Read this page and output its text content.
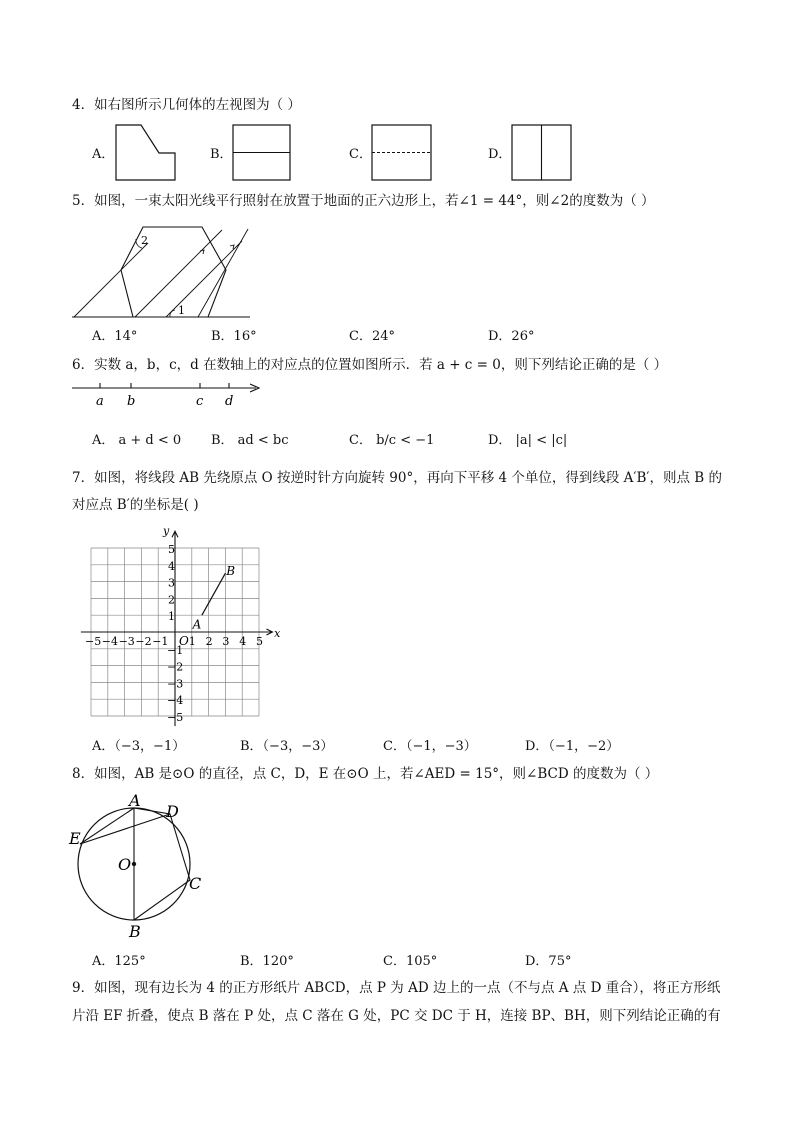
4．如右图所示几何体的左视图为（ ）
A．	B．	C．	D．
5．如图，一束太阳光线平行照射在放置于地面的正六边形上，若∠1 = 44°，则∠2的度数为（ ）
1
2
A．14°	B．16°	C．24°	D．26°
6．实数 a，b，c，d 在数轴上的对应点的位置如图所示．若 a + c = 0，则下列结论正确的是（ ）
a b	c d
A． a + d < 0 B． ad < bc	C． b/c < −1	D． |a| < |c|
7．如图，将线段 AB 先绕原点 O 按逆时针方向旋转 90°，再向下平移 4 个单位，得到线段 A′B′，则点 B 的
对应点 B′的坐标是( )
−5 −4 −3 −2 −1 1 2 3 4 5
5
4
3
2
1
−1
−2
−3
−4
−5
x
y
O
A
B
A．（−3，−1）	B．（−3，−3）	C．（−1，−3）	D．（−1，−2）
8．如图，AB 是⊙O 的直径，点 C，D，E 在⊙O 上，若∠AED = 15°，则∠BCD 的度数为（ ）
A
B
C
D
E
O
A．125°	B．120°	C．105°	D．75°
9．如图，现有边长为 4 的正方形纸片 ABCD，点 P 为 AD 边上的一点（不与点 A 点 D 重合），将正方形纸
片沿 EF 折叠，使点 B 落在 P 处，点 C 落在 G 处，PC 交 DC 于 H，连接 BP、BH，则下列结论正确的有
